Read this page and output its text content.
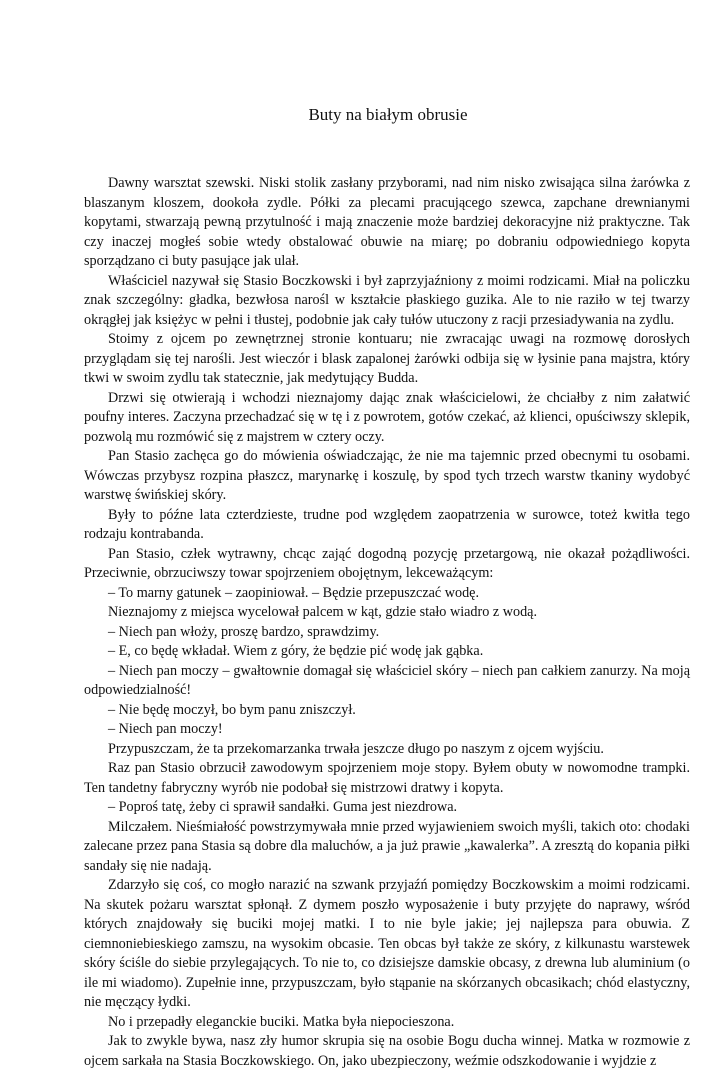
Buty na białym obrusie

Dawny warsztat szewski. Niski stolik zasłany przyborami, nad nim nisko zwisająca silna żarówka z blaszanym kloszem, dookoła zydle. Półki za plecami pracującego szewca, zapchane drewnianymi kopytami, stwarzają pewną przytulność i mają znaczenie może bardziej dekoracyjne niż praktyczne. Tak czy inaczej mogłeś sobie wtedy obstalować obuwie na miarę; po dobraniu odpowiedniego kopyta sporządzano ci buty pasujące jak ulał.

Właściciel nazywał się Stasio Boczkowski i był zaprzyjaźniony z moimi rodzicami. Miał na policzku znak szczególny: gładka, bezwłosa narośl w kształcie płaskiego guzika. Ale to nie raziło w tej twarzy okrągłej jak księżyc w pełni i tłustej, podobnie jak cały tułów utuczony z racji przesiadywania na zydlu.

Stoimy z ojcem po zewnętrznej stronie kontuaru; nie zwracając uwagi na rozmowę dorosłych przyglądam się tej naroślі. Jest wieczór i blask zapalonej żarówki odbija się w łysinie pana majstra, który tkwi w swoim zydlu tak statecznie, jak medytujący Budda.

Drzwi się otwierają i wchodzi nieznajomy dając znak właścicielowi, że chciałby z nim załatwić poufny interes. Zaczyna przechadzać się w tę i z powrotem, gotów czekać, aż klienci, opuściwszy sklepik, pozwolą mu rozmówić się z majstrem w cztery oczy.

Pan Stasio zachęca go do mówienia oświadczając, że nie ma tajemnic przed obecnymi tu osobami. Wówczas przybysz rozpina płaszcz, marynarkę i koszulę, by spod tych trzech warstw tkaniny wydobyć warstwę świńskiej skóry.

Były to późne lata czterdzieste, trudne pod względem zaopatrzenia w surowce, toteż kwitła tego rodzaju kontrabanda.

Pan Stasio, człek wytrawny, chcąc zająć dogodną pozycję przetargową, nie okazał pożądliwości. Przeciwnie, obrzuciwszy towar spojrzeniem obojętnym, lekceważącym:

– To marny gatunek – zaopiniował. – Będzie przepuszczać wodę.

Nieznajomy z miejsca wycelował palcem w kąt, gdzie stało wiadro z wodą.

– Niech pan włoży, proszę bardzo, sprawdzimy.

– E, co będę wkładał. Wiem z góry, że będzie pić wodę jak gąbka.

– Niech pan moczy – gwałtownie domagał się właściciel skóry – niech pan całkiem zanurzy. Na moją odpowiedzialność!

– Nie będę moczył, bo bym panu zniszczył.

– Niech pan moczy!

Przypuszczam, że ta przekomarzanka trwała jeszcze długo po naszym z ojcem wyjściu.

Raz pan Stasio obrzucił zawodowym spojrzeniem moje stopy. Byłem obuty w nowomodne trampki. Ten tandetny fabryczny wyrób nie podobał się mistrzowi dratwy i kopyta.

– Poproś tatę, żeby ci sprawił sandałki. Guma jest niezdrowa.

Milczałem. Nieśmiałość powstrzymywała mnie przed wyjawieniem swoich myśli, takich oto: chodaki zalecane przez pana Stasia są dobre dla maluchów, a ja już prawie „kawalerka”. A zresztą do kopania piłki sandały się nie nadają.

Zdarzyło się coś, co mogło narazić na szwank przyjaźń pomiędzy Boczkowskim a moimi rodzicami. Na skutek pożaru warsztat spłonął. Z dymem poszło wyposażenie i buty przyjęte do naprawy, wśród których znajdowały się buciki mojej matki. I to nie byle jakie; jej najlepsza para obuwia. Z ciemnoniebieskiego zamszu, na wysokim obcasie. Ten obcas był także ze skóry, z kilkunastu warstewek skóry ściśle do siebie przylegających. To nie to, co dzisiejsze damskie obcasy, z drewna lub aluminium (o ile mi wiadomo). Zupełnie inne, przypuszczam, było stąpanie na skórzanych obcasikach; chód elastyczny, nie męczący łydki.

No i przepadły eleganckie buciki. Matka była niepocieszona.

Jak to zwykle bywa, nasz zły humor skrupia się na osobie Bogu ducha winnej. Matka w rozmowie z ojcem sarkała na Stasia Boczkowskiego. On, jako ubezpieczony, weźmie odszkodowanie i wyjdzie z
